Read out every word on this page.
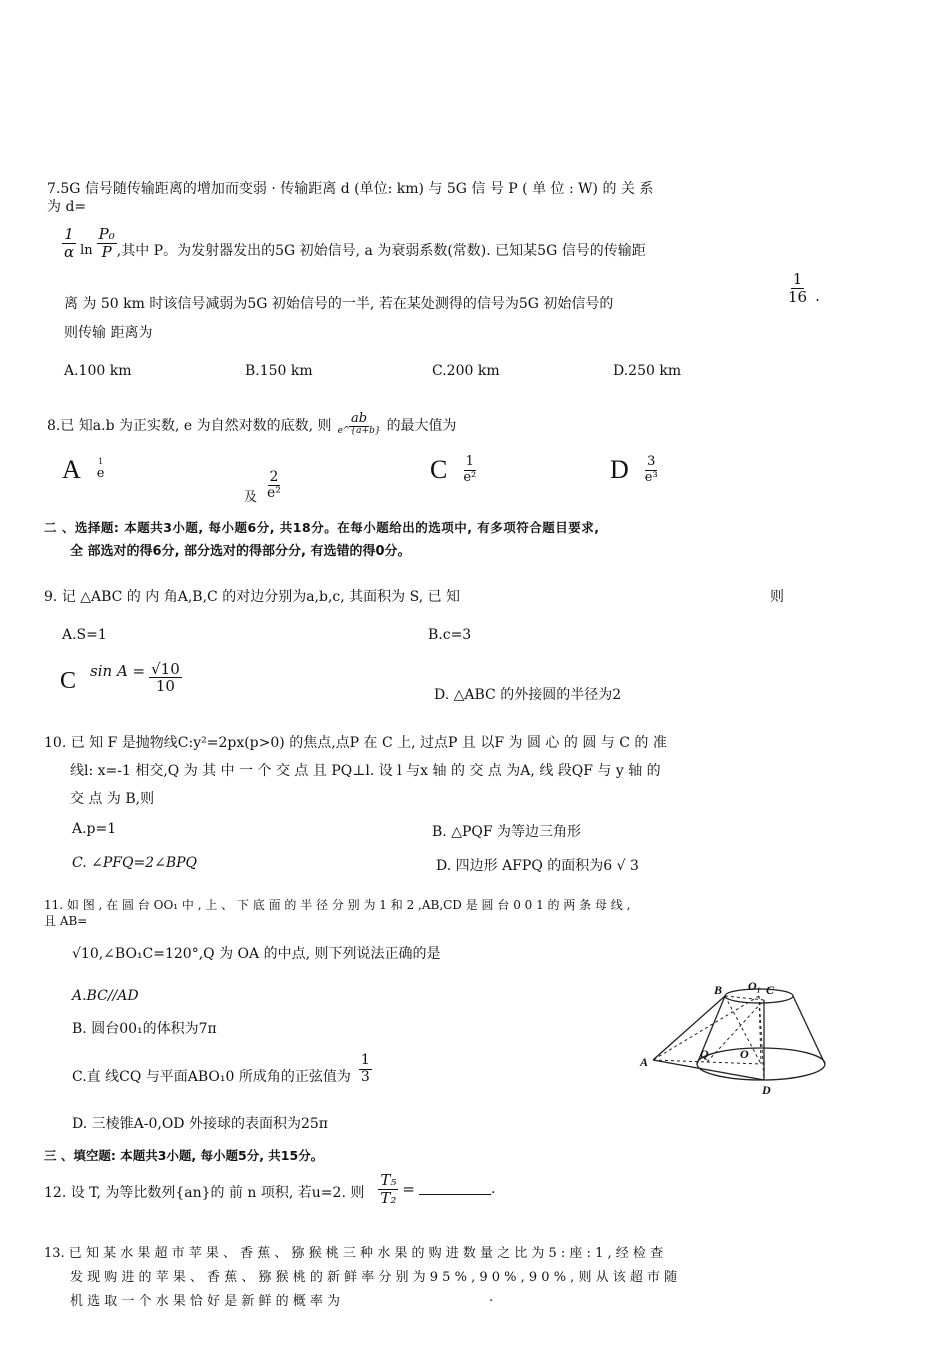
7.5G 信号随传输距离的增加而变弱 · 传输距离 d (单位: km) 与 5G 信 号 P ( 单 位 : W) 的 关 系
为 d=
$\frac{1}{\alpha}$ $\ln \frac{\text{P₀}}{P}$ ,其中 P。为发射器发出的5G 初始信号, a 为衰弱系数(常数). 已知某5G 信号的传输距
离 为 50 km 时该信号减弱为5G 初始信号的一半, 若在某处测得的信号为5G 初始信号的	$\frac{1}{16}$ .
则传输 距离为
A.100 km	B.150 km	C.200 km	D.250 km
8.已 知a.b 为正实数, e 为自然对数的底数, 则 $\frac{ab}{e\^{}\{a+b\}}$ 的最大值为
A 1
e
及 $\frac{2}{\text{e²}}$
C $\frac{1}{\text{e²}}$	D $\frac{3}{\text{e³}}$
二 、选择题: 本题共3小题, 每小题6分, 共18分。在每小题给出的选项中, 有多项符合题目要求,
全 部选对的得6分, 部分选对的得部分分, 有选错的得0分。
9. 记 △ABC 的 内 角A,B,C 的对边分别为a,b,c, 其面积为 S, 已 知	则
A.S=1	B.c=3
C $\sin A = \frac{√10}{10}$
D. △ABC 的外接圆的半径为2
10. 已 知 F 是抛物线C:y²=2px(p>0) 的焦点,点P 在 C 上, 过点P 且 以F 为 圆 心 的 圆 与 C 的 准
线l: x=-1 相交,Q 为 其 中 一 个 交 点 且 PQ⊥l. 设 l 与x 轴 的 交 点 为A, 线 段QF 与 y 轴 的
交 点 为 B,则
A.p=1	B. △PQF 为等边三角形
C. ∠PFQ=2∠BPQ	D. 四边形 AFPQ 的面积为6 √ 3
11. 如 图 , 在 圆 台 OO₁ 中 , 上 、 下 底 面 的 半 径 分 别 为 1 和 2 ,AB,CD 是 圆 台 0 0 1 的 两 条 母 线 ,
且 AB=
√10,∠BO₁C=120°,Q 为 OA 的中点, 则下列说法正确的是
A.BC//AD
B. 圆台00₁的体积为7π
C.直 线CQ 与平面ABO₁0 所成角的正弦值为 $\frac{1}{3}$
D. 三棱锥A-0,OD 外接球的表面积为25π
B O₁ C
A
Q	O
D
三 、填空题: 本题共3小题, 每小题5分, 共15分。
12. 设 T, 为等比数列{an}的 前 n 项积, 若u=2. 则 $\frac{\text{T₅}}{\text{T₂}}$ =	.
13. 已 知 某 水 果 超 市 苹 果 、 香 蕉 、 猕 猴 桃 三 种 水 果 的 购 进 数 量 之 比 为 5 : 座 : 1 , 经 检 查
发 现 购 进 的 苹 果 、 香 蕉 、 猕 猴 桃 的 新 鲜 率 分 别 为 9 5 % , 9 0 % , 9 0 % , 则 从 该 超 市 随
机 选 取 一 个 水 果 恰 好 是 新 鲜 的 概 率 为	.
